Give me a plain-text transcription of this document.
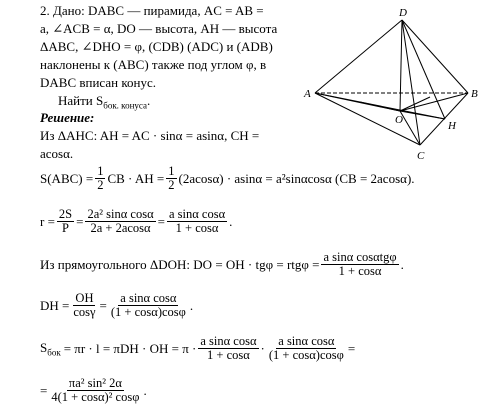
2. Дано: DABC — пирамида, AC = AB =
a, ∠ACB = α, DO — высота, AH — высота
ΔABC, ∠DHO = φ, (CDB) (ADC) и (ADB)
наклонены к (ABC) также под углом φ, в
DABC вписан конус.
Найти $S_{бок. конуса}$.
Решение:
Из ΔAHC: AH = AC · sinα = asinα, CH =
acosα.
$S(ABC) = \frac{1}{2}$ CB · AH = $\frac{1}{2} (2acos\alpha) \cdot asin\alpha = a^2\sin\alpha\cos\alpha$ (CB = 2acosα).
$r = \frac{2S}{P} = \frac{\text{2a² sinα cosα}}{2a + 2acos\alpha} = \frac{\text{a sinα cosα}}{1 + \cos\alpha}$ .
Из прямоугольного ΔDOH: DO = OH · $tg\varphi = rtg\varphi = \frac{\text{a sinα cosαtgφ}}{1 + \cos\alpha}$ .
DH = $\frac{OH}{\cos\gamma} = \frac{\text{a sinα cosα}}{(1 + \cos\alpha)\cos\varphi}$ .
$S_{бок} = \pi r \cdot l = \pi DH$ · OH = $\pi \cdot \frac{\text{a sinα cosα}}{1 + \cos\alpha} \cdot \frac{\text{a sinα cosα}}{(1 + \cos\alpha)\cos\varphi}$ =
= $\frac{\text{πa² sin² 2α}}{\text{4(1 + cosα)² cosφ}}$ .
D
A	B
O	H
C
